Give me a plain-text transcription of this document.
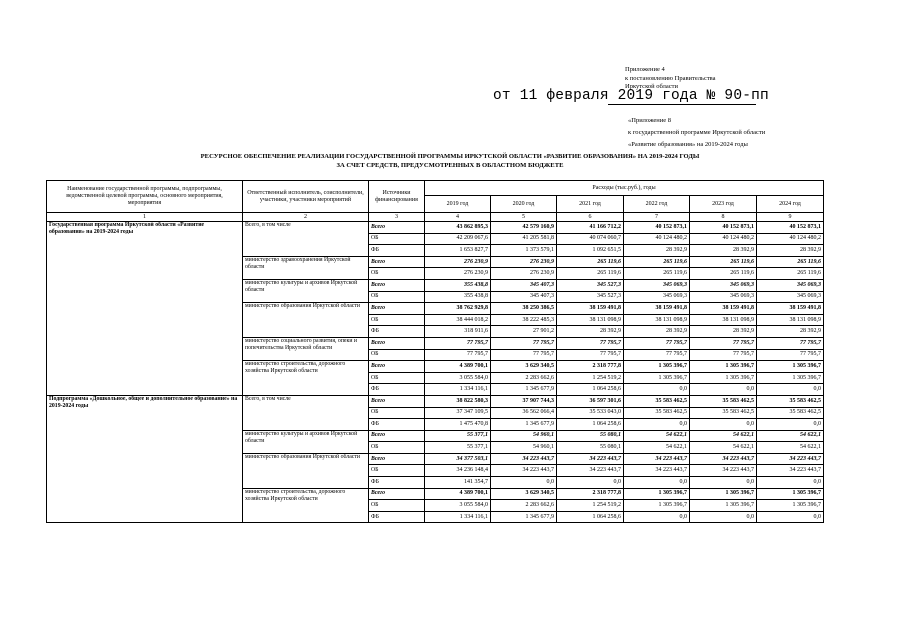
Приложение 4
к постановлению Правительства
Иркутской области
от 11 февраля 2019 года № 90-пп
«Приложение 8
к государственной программе Иркутской области
«Развитие образования» на 2019-2024 годы
РЕСУРСНОЕ ОБЕСПЕЧЕНИЕ РЕАЛИЗАЦИИ ГОСУДАРСТВЕННОЙ ПРОГРАММЫ ИРКУТСКОЙ ОБЛАСТИ «РАЗВИТИЕ ОБРАЗОВАНИЯ» НА 2019-2024 ГОДЫ
ЗА СЧЕТ СРЕДСТВ, ПРЕДУСМОТРЕННЫХ В ОБЛАСТНОМ БЮДЖЕТЕ
Наименование государственной программы, подпрограммы, ведомственной целевой программы, основного мероприятия, мероприятия	Ответственный исполнитель, соисполнители, участники, участники мероприятий	Источники финансирования	Расходы (тыс.руб.), годы					
			2019 год	2020 год	2021 год	2022 год	2023 год	2024 год
1	2	3	4	5	6	7	8	9
Государственная программа Иркутской области «Развитие образования» на 2019-2024 годы	Всего, в том числе	Всего	43 862 895,3	42 579 160,9	41 166 712,2	40 152 873,1	40 152 873,1	40 152 873,1
		ОБ	42 209 067,6	41 205 581,8	40 074 060,7	40 124 480,2	40 124 480,2	40 124 480,2
		ФБ	1 653 827,7	1 373 579,1	1 092 651,5	28 392,9	28 392,9	28 392,9
	министерство здравоохранения Иркутской области	Всего	276 230,9	276 230,9	265 119,6	265 119,6	265 119,6	265 119,6
		ОБ	276 230,9	276 230,9	265 119,6	265 119,6	265 119,6	265 119,6
	министерство культуры и архивов Иркутской области	Всего	355 438,8	345 407,3	345 527,3	345 069,3	345 069,3	345 069,3
		ОБ	355 438,8	345 407,3	345 527,3	345 069,3	345 069,3	345 069,3
	министерство образования Иркутской области	Всего	38 762 929,8	38 250 386,5	38 159 491,8	38 159 491,8	38 159 491,8	38 159 491,8
		ОБ	38 444 018,2	38 222 485,3	38 131 098,9	38 131 098,9	38 131 098,9	38 131 098,9
		ФБ	318 911,6	27 901,2	28 392,9	28 392,9	28 392,9	28 392,9
	министерство социального развития, опеки и попечительства Иркутской области	Всего	77 795,7	77 795,7	77 795,7	77 795,7	77 795,7	77 795,7
		ОБ	77 795,7	77 795,7	77 795,7	77 795,7	77 795,7	77 795,7
	министерство строительства, дорожного хозяйства Иркутской области	Всего	4 389 700,1	3 629 340,5	2 318 777,8	1 305 396,7	1 305 396,7	1 305 396,7
		ОБ	3 055 584,0	2 283 662,6	1 254 519,2	1 305 396,7	1 305 396,7	1 305 396,7
		ФБ	1 334 116,1	1 345 677,9	1 064 258,6	0,0	0,0	0,0
Подпрограмма «Дошкольное, общее и дополнительное образование» на 2019-2024 годы	Всего, в том числе	Всего	38 822 580,3	37 907 744,3	36 597 301,6	35 583 462,5	35 583 462,5	35 583 462,5
		ОБ	37 347 109,5	36 562 066,4	35 533 043,0	35 583 462,5	35 583 462,5	35 583 462,5
		ФБ	1 475 470,8	1 345 677,9	1 064 258,6	0,0	0,0	0,0
	министерство культуры и архивов Иркутской области	Всего	55 377,1	54 960,1	55 080,1	54 622,1	54 622,1	54 622,1
		ОБ	55 377,1	54 960,1	55 080,1	54 622,1	54 622,1	54 622,1
	министерство образования Иркутской области	Всего	34 377 503,1	34 223 443,7	34 223 443,7	34 223 443,7	34 223 443,7	34 223 443,7
		ОБ	34 236 148,4	34 223 443,7	34 223 443,7	34 223 443,7	34 223 443,7	34 223 443,7
		ФБ	141 354,7	0,0	0,0	0,0	0,0	0,0
	министерство строительства, дорожного хозяйства Иркутской области	Всего	4 389 700,1	3 629 340,5	2 318 777,8	1 305 396,7	1 305 396,7	1 305 396,7
		ОБ	3 055 584,0	2 283 662,6	1 254 519,2	1 305 396,7	1 305 396,7	1 305 396,7
		ФБ	1 334 116,1	1 345 677,9	1 064 258,6	0,0	0,0	0,0
